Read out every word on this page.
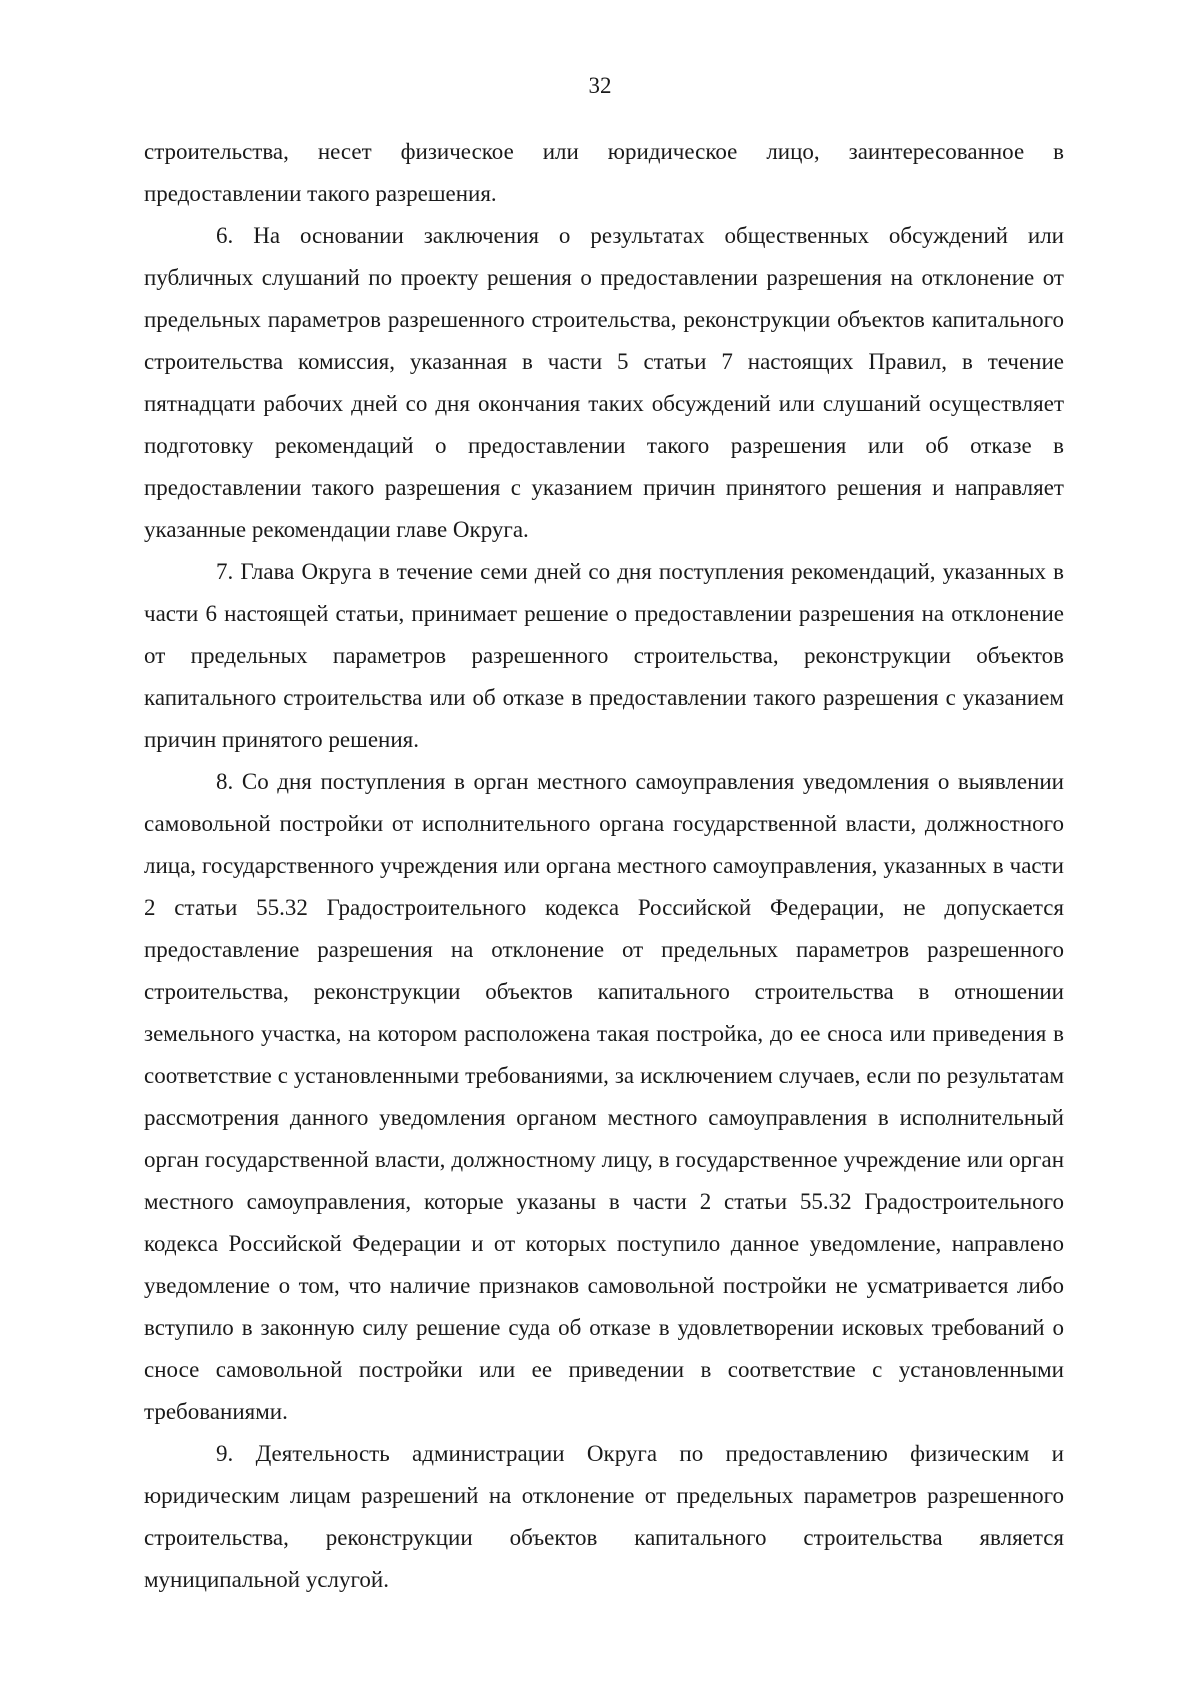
32

строительства, несет физическое или юридическое лицо, заинтересованное в предоставлении такого разрешения.

6. На основании заключения о результатах общественных обсуждений или публичных слушаний по проекту решения о предоставлении разрешения на отклонение от предельных параметров разрешенного строительства, реконструкции объектов капитального строительства комиссия, указанная в части 5 статьи 7 настоящих Правил, в течение пятнадцати рабочих дней со дня окончания таких обсуждений или слушаний осуществляет подготовку рекомендаций о предоставлении такого разрешения или об отказе в предоставлении такого разрешения с указанием причин принятого решения и направляет указанные рекомендации главе Округа.

7. Глава Округа в течение семи дней со дня поступления рекомендаций, указанных в части 6 настоящей статьи, принимает решение о предоставлении разрешения на отклонение от предельных параметров разрешенного строительства, реконструкции объектов капитального строительства или об отказе в предоставлении такого разрешения с указанием причин принятого решения.

8. Со дня поступления в орган местного самоуправления уведомления о выявлении самовольной постройки от исполнительного органа государственной власти, должностного лица, государственного учреждения или органа местного самоуправления, указанных в части 2 статьи 55.32 Градостроительного кодекса Российской Федерации, не допускается предоставление разрешения на отклонение от предельных параметров разрешенного строительства, реконструкции объектов капитального строительства в отношении земельного участка, на котором расположена такая постройка, до ее сноса или приведения в соответствие с установленными требованиями, за исключением случаев, если по результатам рассмотрения данного уведомления органом местного самоуправления в исполнительный орган государственной власти, должностному лицу, в государственное учреждение или орган местного самоуправления, которые указаны в части 2 статьи 55.32 Градостроительного кодекса Российской Федерации и от которых поступило данное уведомление, направлено уведомление о том, что наличие признаков самовольной постройки не усматривается либо вступило в законную силу решение суда об отказе в удовлетворении исковых требований о сносе самовольной постройки или ее приведении в соответствие с установленными требованиями.

9. Деятельность администрации Округа по предоставлению физическим и юридическим лицам разрешений на отклонение от предельных параметров разрешенного строительства, реконструкции объектов капитального строительства является муниципальной услугой.
